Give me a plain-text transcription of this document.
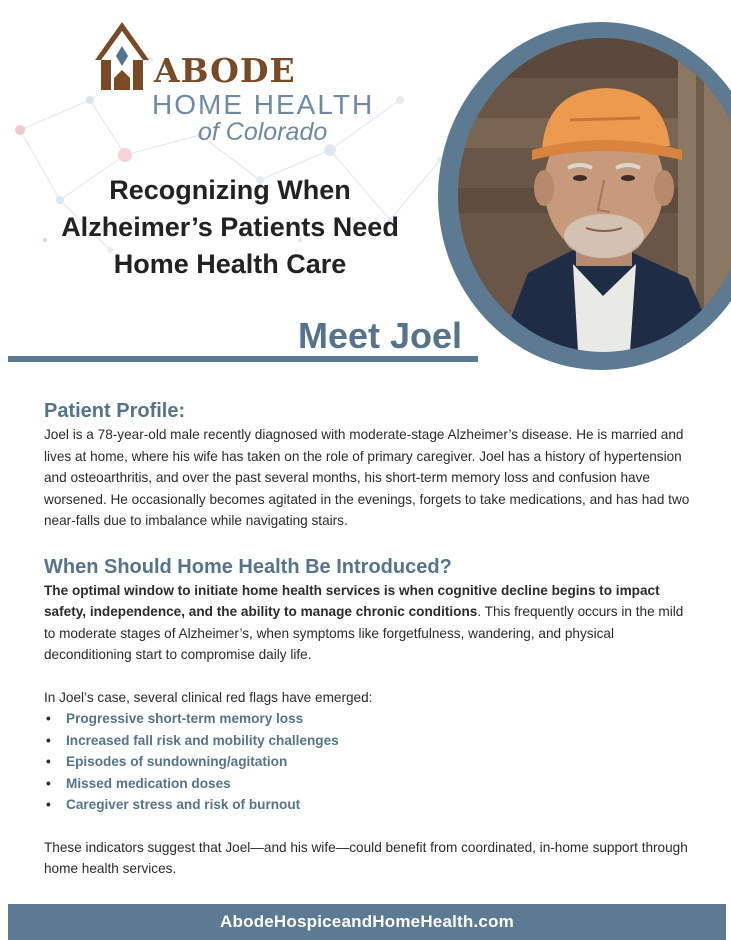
ABODE
HOME HEALTH
of Colorado
Recognizing When
Alzheimer’s Patients Need
Home Health Care
Meet Joel
Patient Profile:

Joel is a 78-year-old male recently diagnosed with moderate-stage Alzheimer’s disease. He is married and lives at home, where his wife has taken on the role of primary caregiver. Joel has a history of hypertension and osteoarthritis, and over the past several months, his short-term memory loss and confusion have worsened. He occasionally becomes agitated in the evenings, forgets to take medications, and has had two near-falls due to imbalance while navigating stairs.

When Should Home Health Be Introduced?

The optimal window to initiate home health services is when cognitive decline begins to impact safety, independence, and the ability to manage chronic conditions. This frequently occurs in the mild to moderate stages of Alzheimer’s, when symptoms like forgetfulness, wandering, and physical deconditioning start to compromise daily life.

In Joel’s case, several clinical red flags have emerged:

• Progressive short-term memory loss
• Increased fall risk and mobility challenges
• Episodes of sundowning/agitation
• Missed medication doses
• Caregiver stress and risk of burnout

These indicators suggest that Joel—and his wife—could benefit from coordinated, in-home support through home health services.

AbodeHospiceandHomeHealth.com
